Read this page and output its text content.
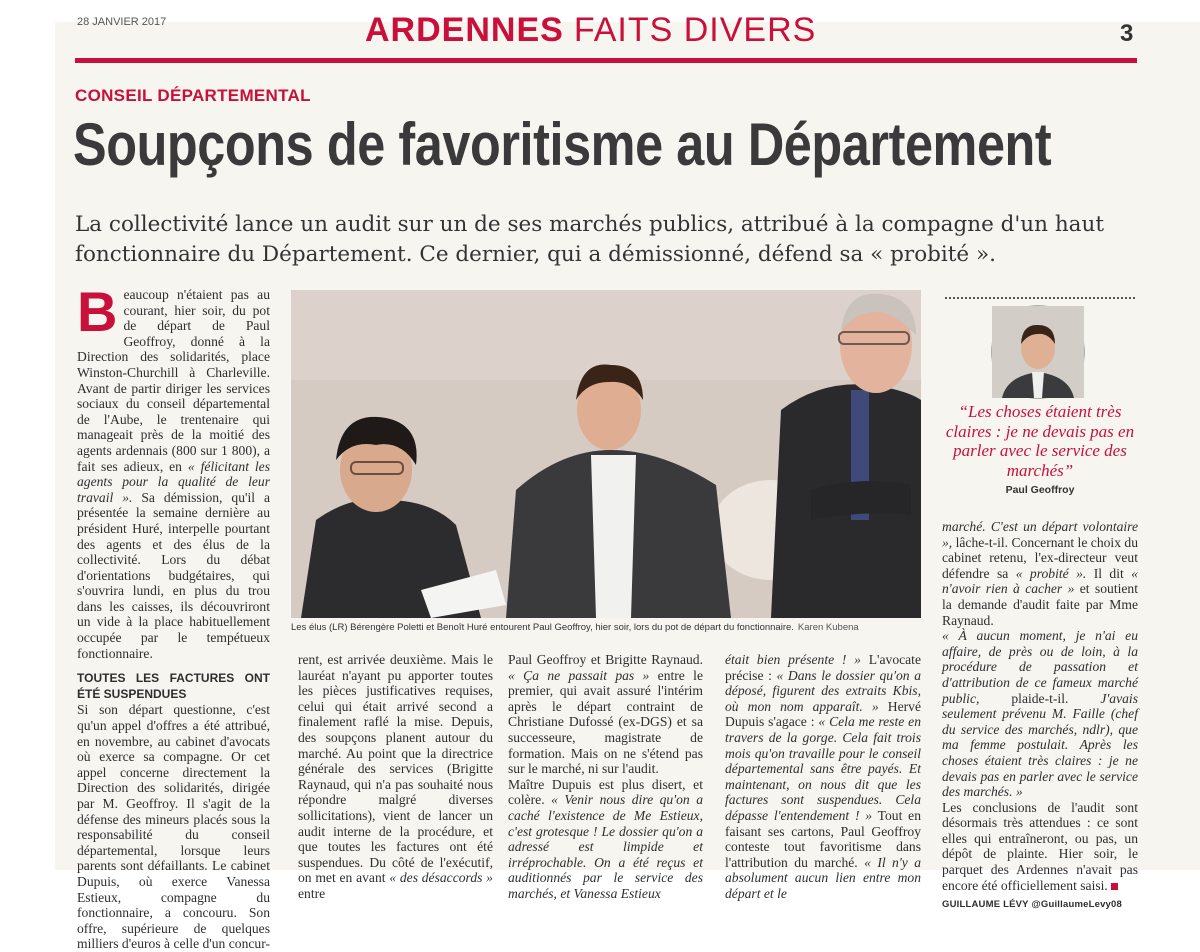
28 JANVIER 2017	ARDENNES FAITS DIVERS	3
CONSEIL DÉPARTEMENTAL
Soupçons de favoritisme au Département
La collectivité lance un audit sur un de ses marchés publics, attribué à la compagne d'un haut fonctionnaire du Département. Ce dernier, qui a démissionné, défend sa « probité ».

Beaucoup n'étaient pas au courant, hier soir, du pot de départ de Paul Geoffroy, donné à la Direction des solidarités, place Winston-Churchill à Charleville. Avant de partir diriger les services sociaux du conseil départemental de l'Aube, le trentenaire qui manageait près de la moitié des agents ardennais (800 sur 1 800), a fait ses adieux, en « félicitant les agents pour la qualité de leur travail ». Sa démission, qu'il a présentée la semaine dernière au président Huré, interpelle pourtant des agents et des élus de la collectivité. Lors du débat d'orientations budgétaires, qui s'ouvrira lundi, en plus du trou dans les caisses, ils découvriront un vide à la place habituellement occupée par le tempétueux fonctionnaire.

TOUTES LES FACTURES ONT ÉTÉ SUSPENDUES

Si son départ questionne, c'est qu'un appel d'offres a été attribué, en novembre, au cabinet d'avocats où exerce sa compagne. Or cet appel concerne directement la Direction des solidarités, dirigée par M. Geoffroy. Il s'agit de la défense des mineurs placés sous la responsabilité du conseil départemental, lorsque leurs parents sont défaillants. Le cabinet Dupuis, où exerce Vanessa Estieux, compagne du fonctionnaire, a concouru. Son offre, supérieure de quelques milliers d'euros à celle d'un concur-

Les élus (LR) Bérengère Poletti et Benoît Huré entourent Paul Geoffroy, hier soir, lors du pot de départ du fonctionnaire. Karen Kubena

rent, est arrivée deuxième. Mais le lauréat n'ayant pu apporter toutes les pièces justificatives requises, celui qui était arrivé second a finalement raflé la mise. Depuis, des soupçons planent autour du marché. Au point que la directrice générale des services (Brigitte Raynaud, qui n'a pas souhaité nous répondre malgré diverses sollicitations), vient de lancer un audit interne de la procédure, et que toutes les factures ont été suspendues. Du côté de l'exécutif, on met en avant « des désaccords » entre

Paul Geoffroy et Brigitte Raynaud. « Ça ne passait pas » entre le premier, qui avait assuré l'intérim après le départ contraint de Christiane Dufossé (ex-DGS) et sa successeure, magistrate de formation. Mais on ne s'étend pas sur le marché, ni sur l'audit.

Maître Dupuis est plus disert, et colère. « Venir nous dire qu'on a caché l'existence de Me Estieux, c'est grotesque ! Le dossier qu'on a adressé est limpide et irréprochable. On a été reçus et auditionnés par le service des marchés, et Vanessa Estieux

était bien présente ! » L'avocate précise : « Dans le dossier qu'on a déposé, figurent des extraits Kbis, où mon nom apparaît. » Hervé Dupuis s'agace : « Cela me reste en travers de la gorge. Cela fait trois mois qu'on travaille pour le conseil départemental sans être payés. Et maintenant, on nous dit que les factures sont suspendues. Cela dépasse l'entendement ! » Tout en faisant ses cartons, Paul Geoffroy conteste tout favoritisme dans l'attribution du marché. « Il n'y a absolument aucun lien entre mon départ et le

“Les choses étaient très claires : je ne devais pas en parler avec le service des marchés”
Paul Geoffroy

marché. C'est un départ volontaire », lâche-t-il. Concernant le choix du cabinet retenu, l'ex-directeur veut défendre sa « probité ». Il dit « n'avoir rien à cacher » et soutient la demande d'audit faite par Mme Raynaud.

« À aucun moment, je n'ai eu affaire, de près ou de loin, à la procédure de passation et d'attribution de ce fameux marché public, plaide-t-il. J'avais seulement prévenu M. Faille (chef du service des marchés, ndlr), que ma femme postulait. Après les choses étaient très claires : je ne devais pas en parler avec le service des marchés. »

Les conclusions de l'audit sont désormais très attendues : ce sont elles qui entraîneront, ou pas, un dépôt de plainte. Hier soir, le parquet des Ardennes n'avait pas encore été officiellement saisi.

GUILLAUME LÉVY @GuillaumeLevy08
